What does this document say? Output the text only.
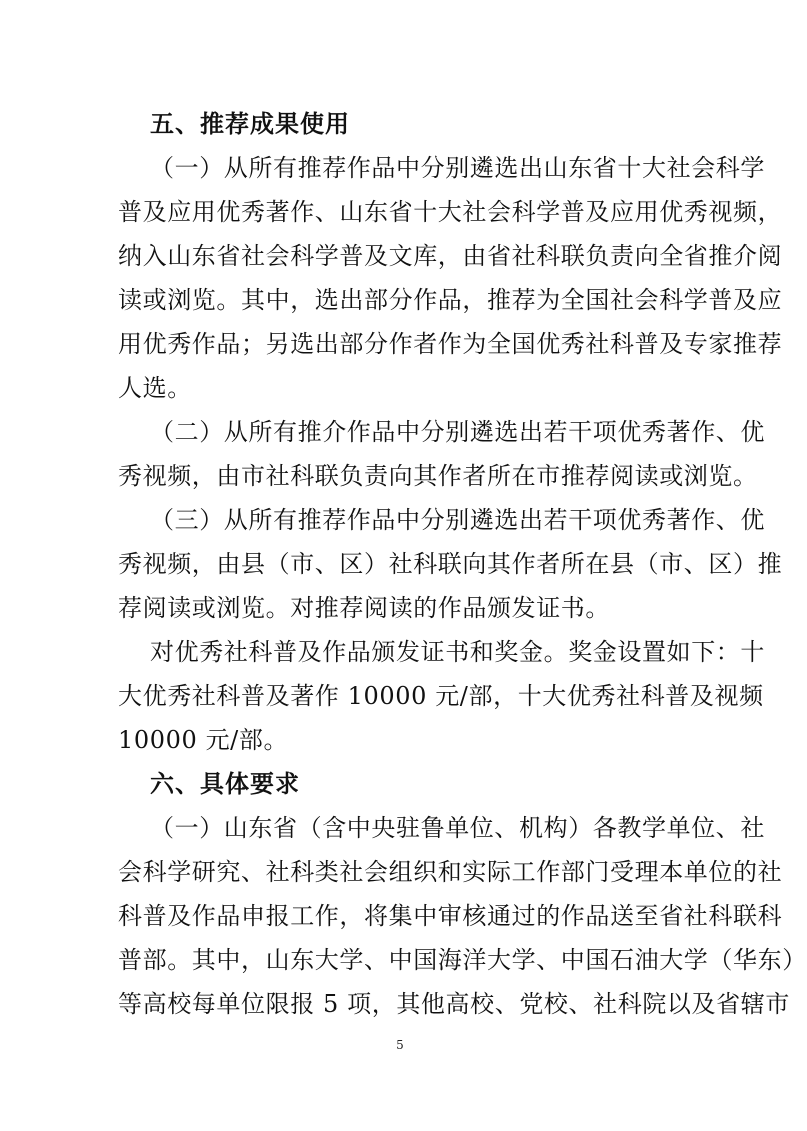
五、推荐成果使用
（一）从所有推荐作品中分别遴选出山东省十大社会科学
普及应用优秀著作、山东省十大社会科学普及应用优秀视频，
纳入山东省社会科学普及文库，由省社科联负责向全省推介阅
读或浏览。其中，选出部分作品，推荐为全国社会科学普及应
用优秀作品；另选出部分作者作为全国优秀社科普及专家推荐
人选。
（二）从所有推介作品中分别遴选出若干项优秀著作、优
秀视频，由市社科联负责向其作者所在市推荐阅读或浏览。
（三）从所有推荐作品中分别遴选出若干项优秀著作、优
秀视频，由县（市、区）社科联向其作者所在县（市、区）推
荐阅读或浏览。对推荐阅读的作品颁发证书。
对优秀社科普及作品颁发证书和奖金。奖金设置如下：十
大优秀社科普及著作 10000 元/部，十大优秀社科普及视频
10000 元/部。
六、具体要求
（一）山东省（含中央驻鲁单位、机构）各教学单位、社
会科学研究、社科类社会组织和实际工作部门受理本单位的社
科普及作品申报工作，将集中审核通过的作品送至省社科联科
普部。其中，山东大学、中国海洋大学、中国石油大学（华东）
等高校每单位限报 5 项，其他高校、党校、社科院以及省辖市
5
